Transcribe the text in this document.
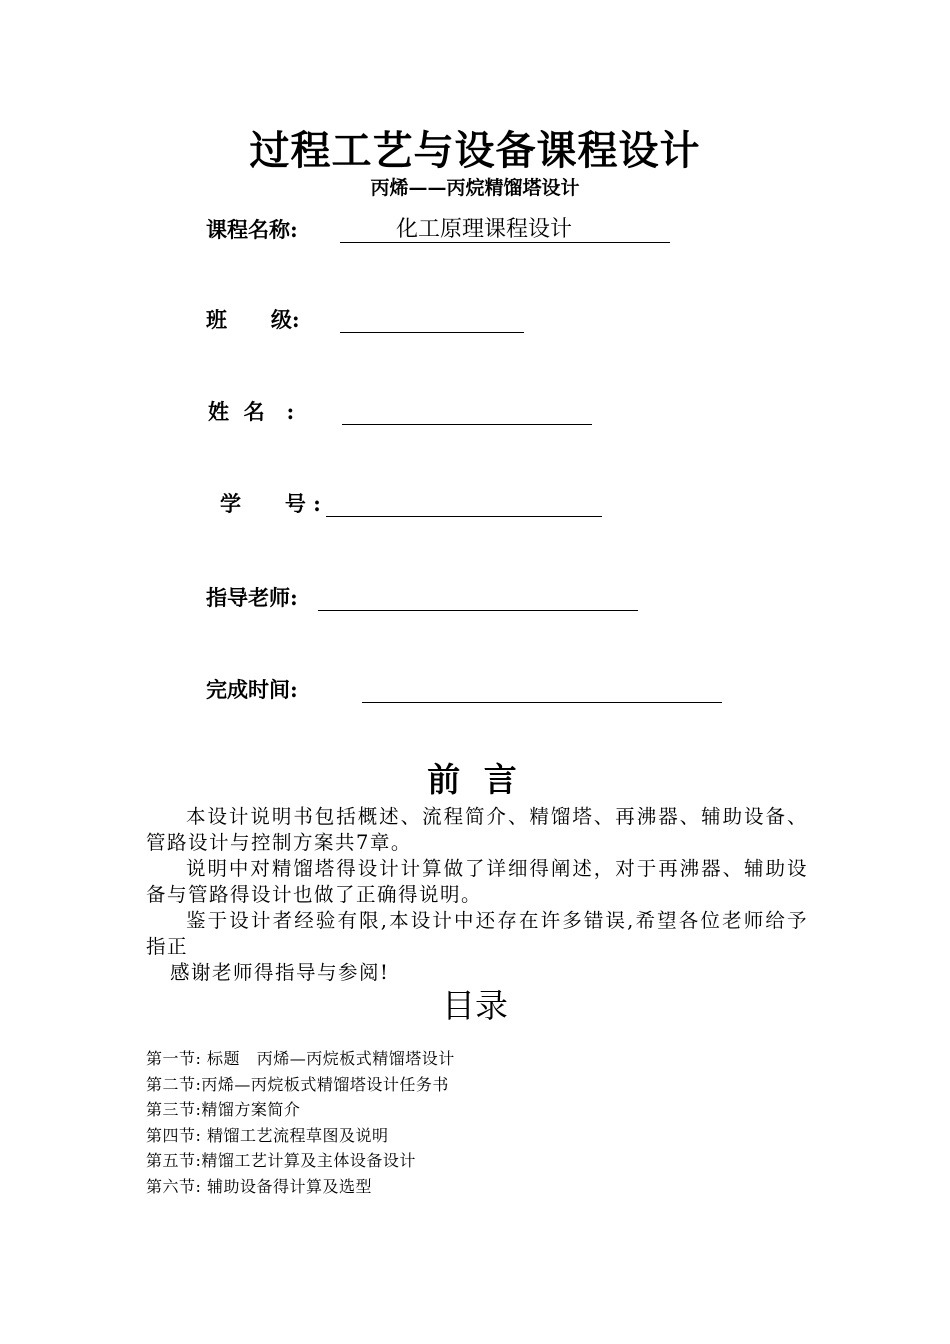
过程工艺与设备课程设计
丙烯——丙烷精馏塔设计
课程名称:	化工原理课程设计
班      级:
姓  名   :
学      号 :
指导老师:
完成时间:
前 言

本设计说明书包括概述、流程简介、精馏塔、再沸器、辅助设备、管路设计与控制方案共7章。

说明中对精馏塔得设计计算做了详细得阐述，对于再沸器、辅助设备与管路得设计也做了正确得说明。

鉴于设计者经验有限,本设计中还存在许多错误,希望各位老师给予指正

感谢老师得指导与参阅!

目录
第一节: 标题   丙烯—丙烷板式精馏塔设计
第二节: 丙烯—丙烷板式精馏塔设计任务书
第三节: 精馏方案简介
第四节: 精馏工艺流程草图及说明
第五节: 精馏工艺计算及主体设备设计
第六节: 辅助设备得计算及选型
